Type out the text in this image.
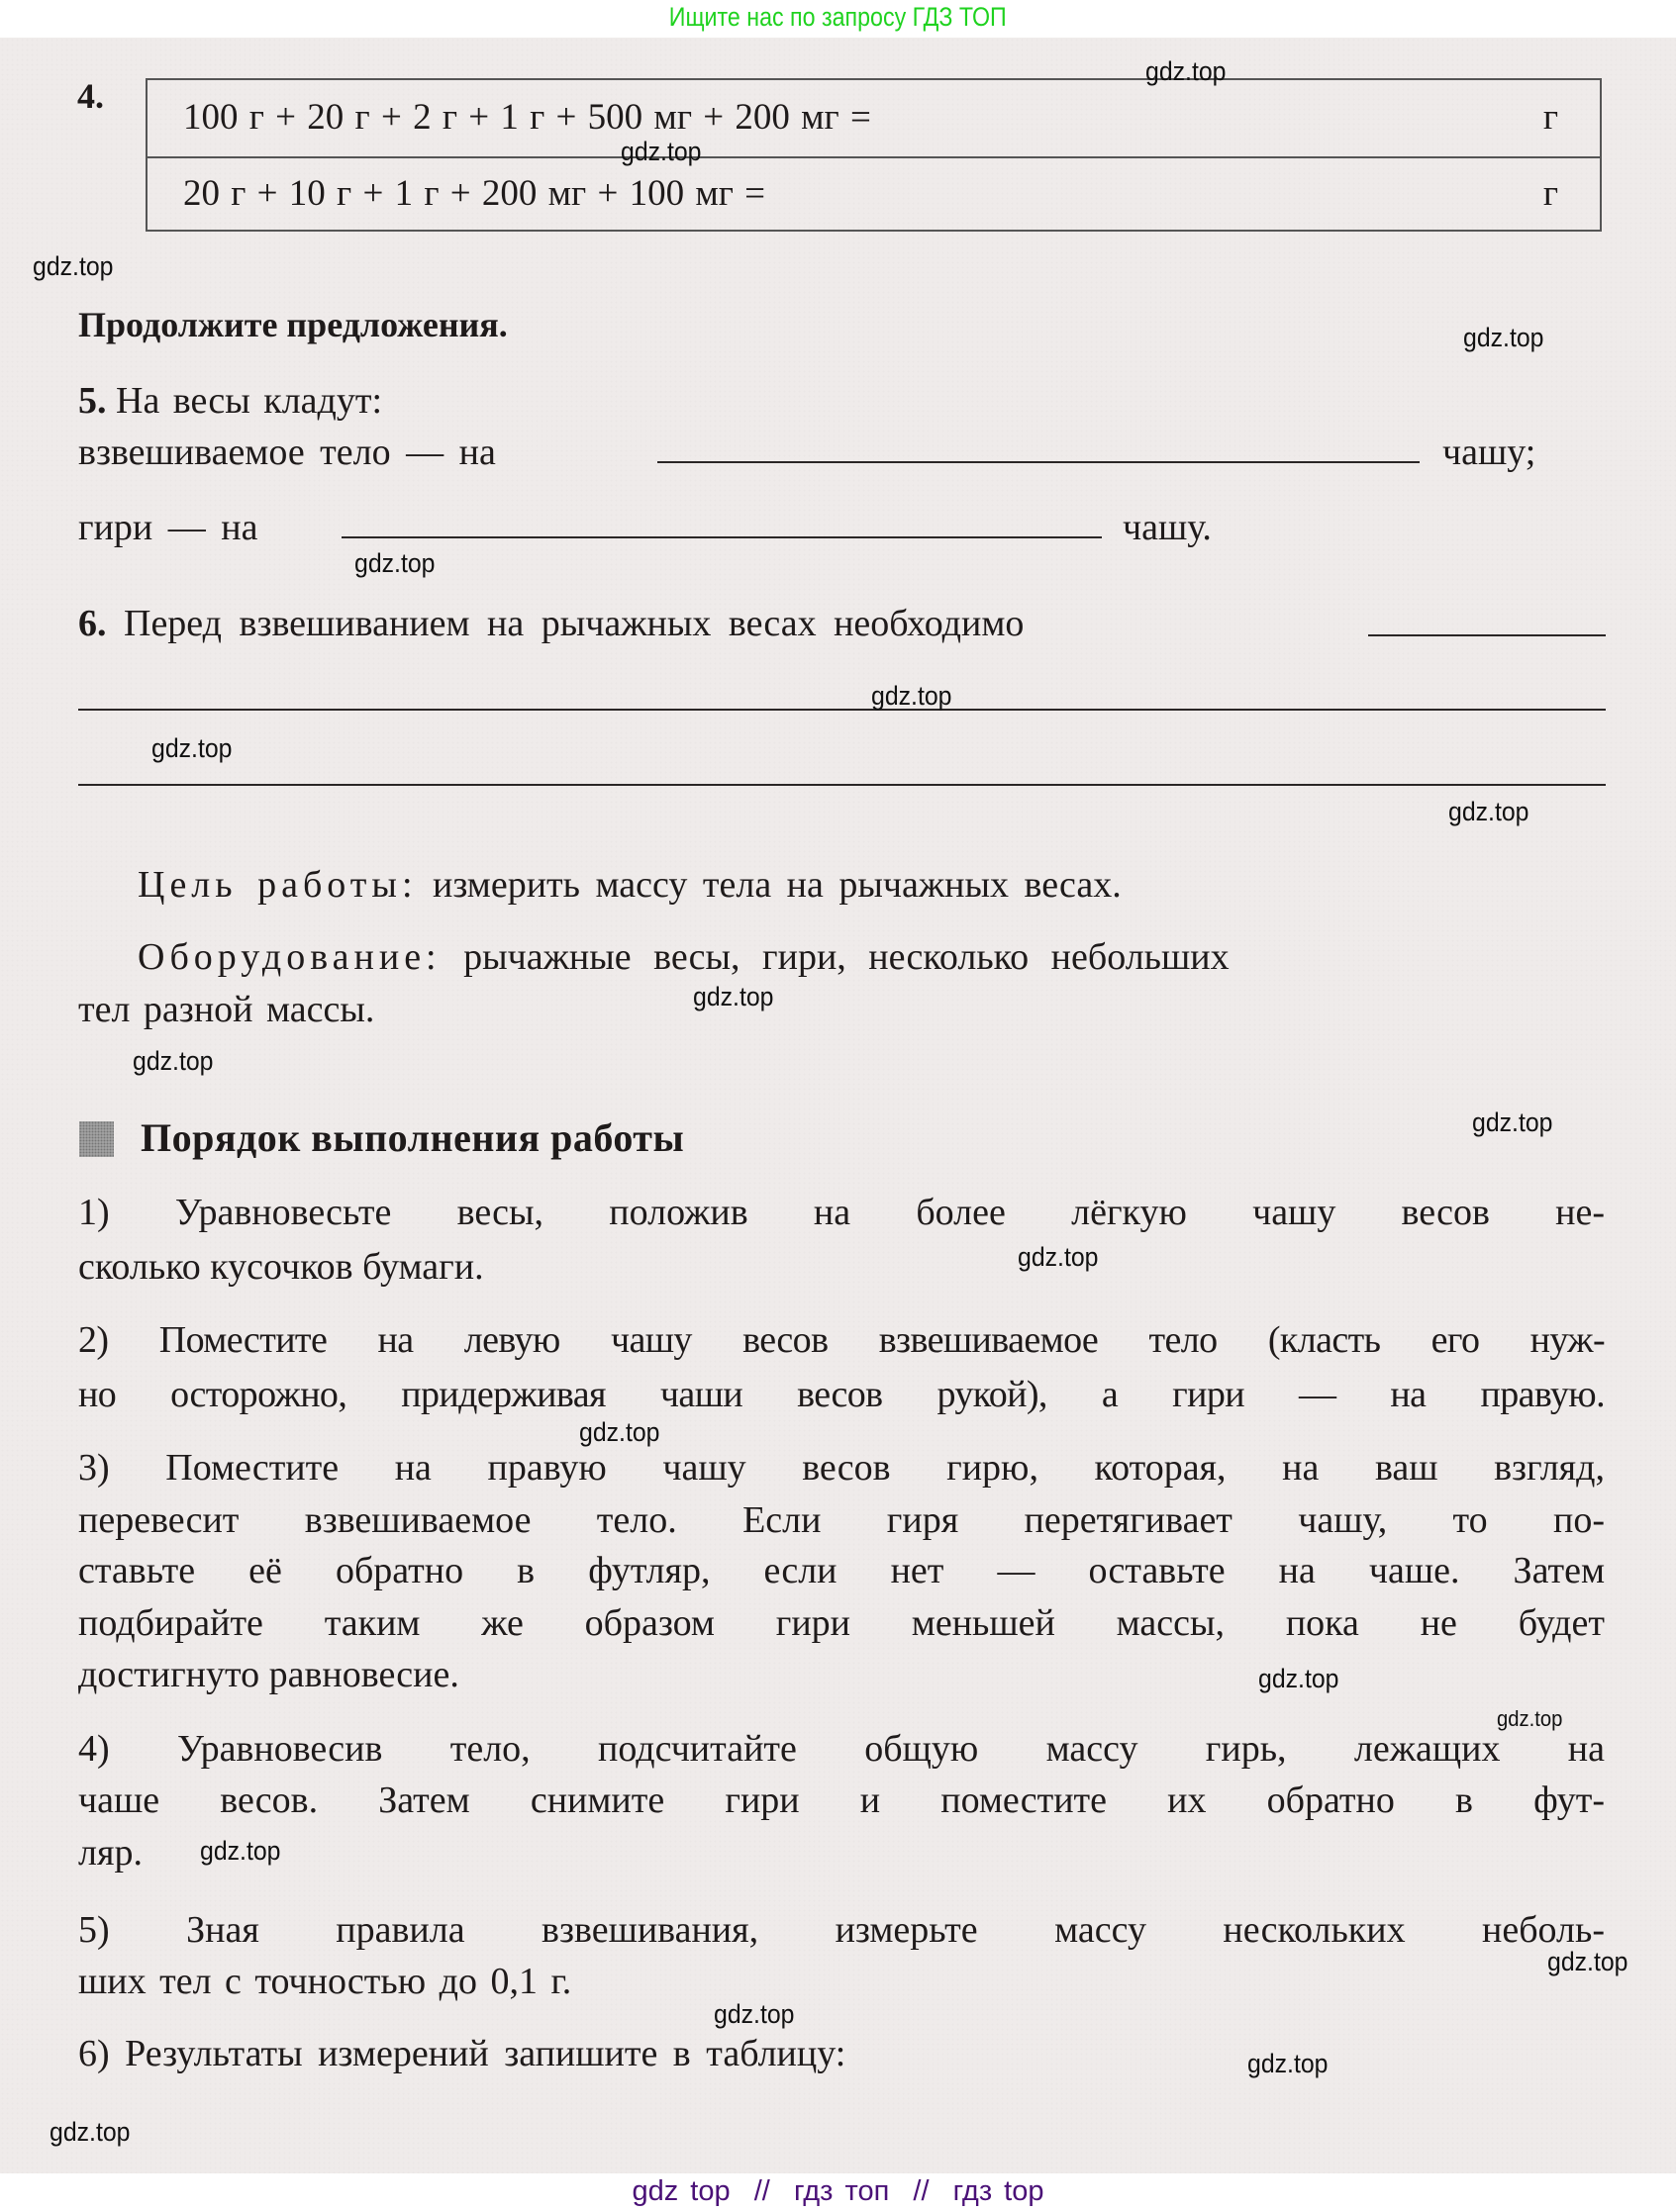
Ищите нас по запросу ГДЗ ТОП
4.
100 г + 20 г + 2 г + 1 г + 500 мг + 200 мг =	г
20 г + 10 г + 1 г + 200 мг + 100 мг =	г
Продолжите предложения.
5. На весы кладут:
взвешиваемое тело — на	чашу;
гири — на	чашу.
6. Перед взвешиванием на рычажных весах необходимо
Цель работы: измерить массу тела на рычажных весах.
Оборудование: рычажные весы, гири, несколько небольших
тел разной массы.
Порядок выполнения работы
1) Уравновесьте весы, положив на более лёгкую чашу весов не-
сколько кусочков бумаги.
2) Поместите на левую чашу весов взвешиваемое тело (класть его нуж-
но осторожно, придерживая чаши весов рукой), а гири — на правую.
3) Поместите на правую чашу весов гирю, которая, на ваш взгляд,
перевесит взвешиваемое тело. Если гиря перетягивает чашу, то по-
ставьте её обратно в футляр, если нет — оставьте на чаше. Затем
подбирайте таким же образом гири меньшей массы, пока не будет
достигнуто равновесие.
4) Уравновесив тело, подсчитайте общую массу гирь, лежащих на
чаше весов. Затем снимите гири и поместите их обратно в фут-
ляр.
5) Зная правила взвешивания, измерьте массу нескольких неболь-
ших тел с точностью до 0,1 г.
6) Результаты измерений запишите в таблицу:
gdz.top
gdz.top
gdz.top
gdz.top
gdz.top
gdz.top
gdz.top
gdz.top
gdz.top
gdz.top
gdz.top
gdz.top
gdz.top
gdz.top
gdz.top
gdz.top
gdz.top
gdz.top
gdz.top
gdz.top
gdz top  //  гдз топ  //  гдз top
